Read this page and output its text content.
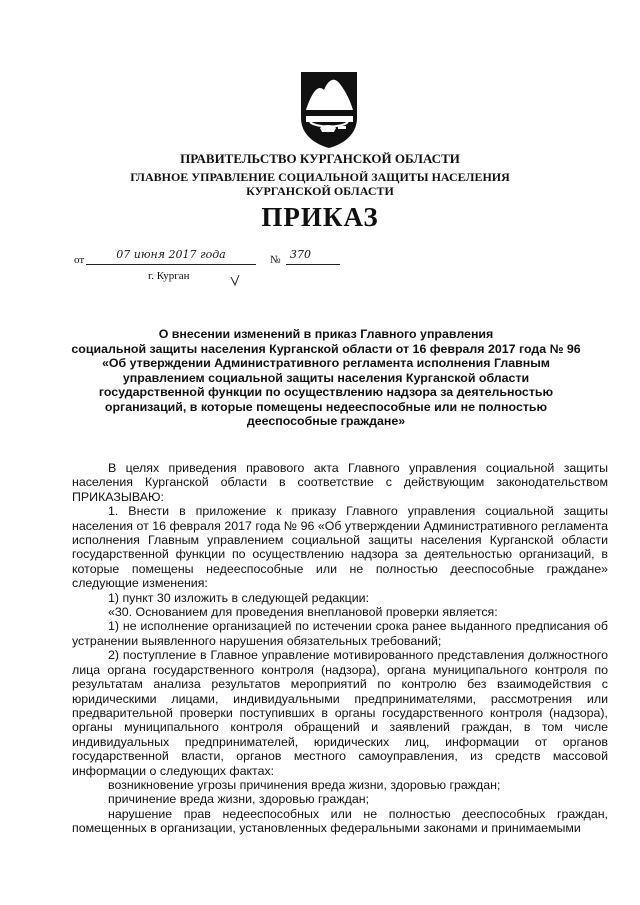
ПРАВИТЕЛЬСТВО КУРГАНСКОЙ ОБЛАСТИ
ГЛАВНОЕ УПРАВЛЕНИЕ СОЦИАЛЬНОЙ ЗАЩИТЫ НАСЕЛЕНИЯ
КУРГАНСКОЙ ОБЛАСТИ
ПРИКАЗ
от	07 июня 2017 года	№ 370
г. Курган
О внесении изменений в приказ Главного управления
социальной защиты населения Курганской области от 16 февраля 2017 года № 96
«Об утверждении Административного регламента исполнения Главным
управлением социальной защиты населения Курганской области
государственной функции по осуществлению надзора за деятельностью
организаций, в которые помещены недееспособные или не полностью
дееспособные граждане»

В целях приведения правового акта Главного управления социальной защиты населения Курганской области в соответствие с действующим законодательством ПРИКАЗЫВАЮ:

1. Внести в приложение к приказу Главного управления социальной защиты населения от 16 февраля 2017 года № 96 «Об утверждении Административного регламента исполнения Главным управлением социальной защиты населения Курганской области государственной функции по осуществлению надзора за деятельностью организаций, в которые помещены недееспособные или не полностью дееспособные граждане» следующие изменения:

1) пункт 30 изложить в следующей редакции:

«30. Основанием для проведения внеплановой проверки является:

1) не исполнение организацией по истечении срока ранее выданного предписания об устранении выявленного нарушения обязательных требований;

2) поступление в Главное управление мотивированного представления должностного лица органа государственного контроля (надзора), органа муниципального контроля по результатам анализа результатов мероприятий по контролю без взаимодействия с юридическими лицами, индивидуальными предпринимателями, рассмотрения или предварительной проверки поступивших в органы государственного контроля (надзора), органы муниципального контроля обращений и заявлений граждан, в том числе индивидуальных предпринимателей, юридических лиц, информации от органов государственной власти, органов местного самоуправления, из средств массовой информации о следующих фактах:

возникновение угрозы причинения вреда жизни, здоровью граждан;

причинение вреда жизни, здоровью граждан;

нарушение прав недееспособных или не полностью дееспособных граждан, помещенных в организации, установленных федеральными законами и принимаемыми
